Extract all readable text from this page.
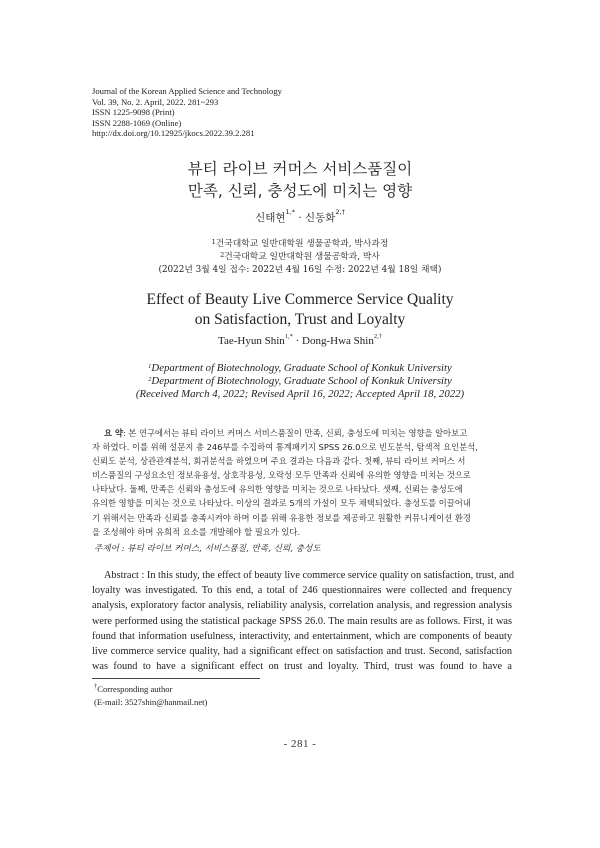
Journal of the Korean Applied Science and Technology
Vol. 39, No. 2. April, 2022. 281~293
ISSN 1225-9098 (Print)
ISSN 2288-1069 (Online)
http://dx.doi.org/10.12925/jkocs.2022.39.2.281
뷰티 라이브 커머스 서비스품질이
만족, 신뢰, 충성도에 미치는 영향
신태현$^{1,*}$ · 신동화$^{2,\dagger}$
$^1$건국대학교 일반대학원 생물공학과, 박사과정
$^2$건국대학교 일반대학원 생물공학과, 박사
(2022년 3월 4일 접수: 2022년 4월 16일 수정: 2022년 4월 18일 채택)
Effect of Beauty Live Commerce Service Quality
on Satisfaction, Trust and Loyalty
Tae-Hyun Shin$^{1,*}$ · Dong-Hwa Shin$^{2,\dagger}$
$^1$Department of Biotechnology, Graduate School of Konkuk University
$^2$Department of Biotechnology, Graduate School of Konkuk University
(Received March 4, 2022; Revised April 16, 2022; Accepted April 18, 2022)
요 약: 본 연구에서는 뷰티 라이브 커머스 서비스품질이 만족, 신뢰, 충성도에 미치는 영향을 알아보고
자 하였다. 이를 위해 설문지 총 246부를 수집하여 통계패키지 SPSS 26.0으로 빈도분석, 탐색적 요인분석,
신뢰도 분석, 상관관계분석, 회귀분석을 하였으며 주요 결과는 다음과 같다. 첫째, 뷰티 라이브 커머스 서
비스품질의 구성요소인 정보유용성, 상호작용성, 오락성 모두 만족과 신뢰에 유의한 영향을 미치는 것으로
나타났다. 둘째, 만족은 신뢰와 충성도에 유의한 영향을 미치는 것으로 나타났다. 셋째, 신뢰는 충성도에
유의한 영향을 미치는 것으로 나타났다. 이상의 결과로 5개의 가설이 모두 채택되었다. 충성도를 이끌어내
기 위해서는 만족과 신뢰를 충족시켜야 하며 이를 위해 유용한 정보를 제공하고 원활한 커뮤니케이션 환경
을 조성해야 하며 유희적 요소를 개발해야 할 필요가 있다.
주제어 : 뷰티 라이브 커머스, 서비스품질, 만족, 신뢰, 충성도
Abstract : In this study, the effect of beauty live commerce service quality on satisfaction, trust, and
loyalty was investigated. To this end, a total of 246 questionnaires were collected and frequency
analysis, exploratory factor analysis, reliability analysis, correlation analysis, and regression analysis
were performed using the statistical package SPSS 26.0. The main results are as follows. First, it was
found that information usefulness, interactivity, and entertainment, which are components of beauty
live commerce service quality, had a significant effect on satisfaction and trust. Second, satisfaction
was found to have a significant effect on trust and loyalty. Third, trust was found to have a
†Corresponding author
(E-mail: 3527shin@hanmail.net)
- 281 -
